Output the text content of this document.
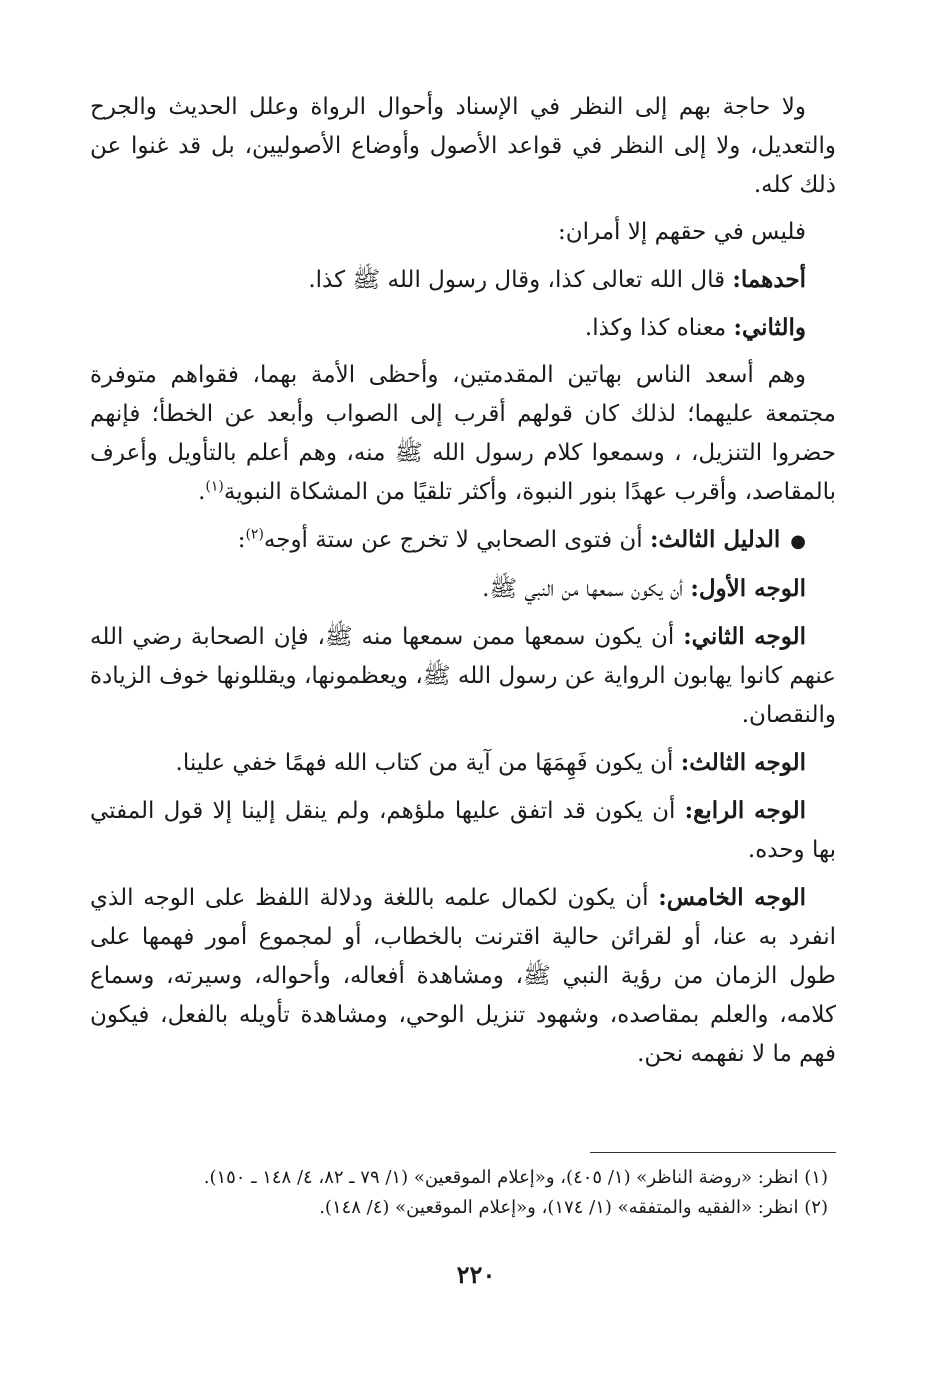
ولا حاجة بهم إلى النظر في الإسناد وأحوال الرواة وعلل الحديث والجرح والتعديل، ولا إلى النظر في قواعد الأصول وأوضاع الأصوليين، بل قد غنوا عن ذلك كله.

فليس في حقهم إلا أمران:

أحدهما: قال الله تعالى كذا، وقال رسول الله ﷺ كذا.

والثاني: معناه كذا وكذا.

وهم أسعد الناس بهاتين المقدمتين، وأحظى الأمة بهما، فقواهم متوفرة مجتمعة عليهما؛ لذلك كان قولهم أقرب إلى الصواب وأبعد عن الخطأ؛ فإنهم حضروا التنزيل، ، وسمعوا كلام رسول الله ﷺ منه، وهم أعلم بالتأويل وأعرف بالمقاصد، وأقرب عهدًا بنور النبوة، وأكثر تلقيًا من المشكاة النبوية$^{(١)}$.

●الدليل الثالث: أن فتوى الصحابي لا تخرج عن ستة أوجه$^{(٢)}$:

الوجه الأول: أن يكون سمعها من النبي ﷺ.

الوجه الثاني: أن يكون سمعها ممن سمعها منه ﷺ، فإن الصحابة رضي الله عنهم كانوا يهابون الرواية عن رسول الله ﷺ، ويعظمونها، ويقللونها خوف الزيادة والنقصان.

الوجه الثالث: أن يكون فَهِمَهَا من آية من كتاب الله فهمًا خفي علينا.

الوجه الرابع: أن يكون قد اتفق عليها ملؤهم، ولم ينقل إلينا إلا قول المفتي بها وحده.

الوجه الخامس: أن يكون لكمال علمه باللغة ودلالة اللفظ على الوجه الذي انفرد به عنا، أو لقرائن حالية اقترنت بالخطاب، أو لمجموع أمور فهمها على طول الزمان من رؤية النبي ﷺ، ومشاهدة أفعاله، وأحواله، وسيرته، وسماع كلامه، والعلم بمقاصده، وشهود تنزيل الوحي، ومشاهدة تأويله بالفعل، فيكون فهم ما لا نفهمه نحن.

(١) انظر: «روضة الناظر» (١/ ٤٠٥)، و«إعلام الموقعين» (١/ ٧٩ ـ ٨٢، ٤/ ١٤٨ ـ ١٥٠).

(٢) انظر: «الفقيه والمتفقه» (١/ ١٧٤)، و«إعلام الموقعين» (٤/ ١٤٨).

٢٢٠
